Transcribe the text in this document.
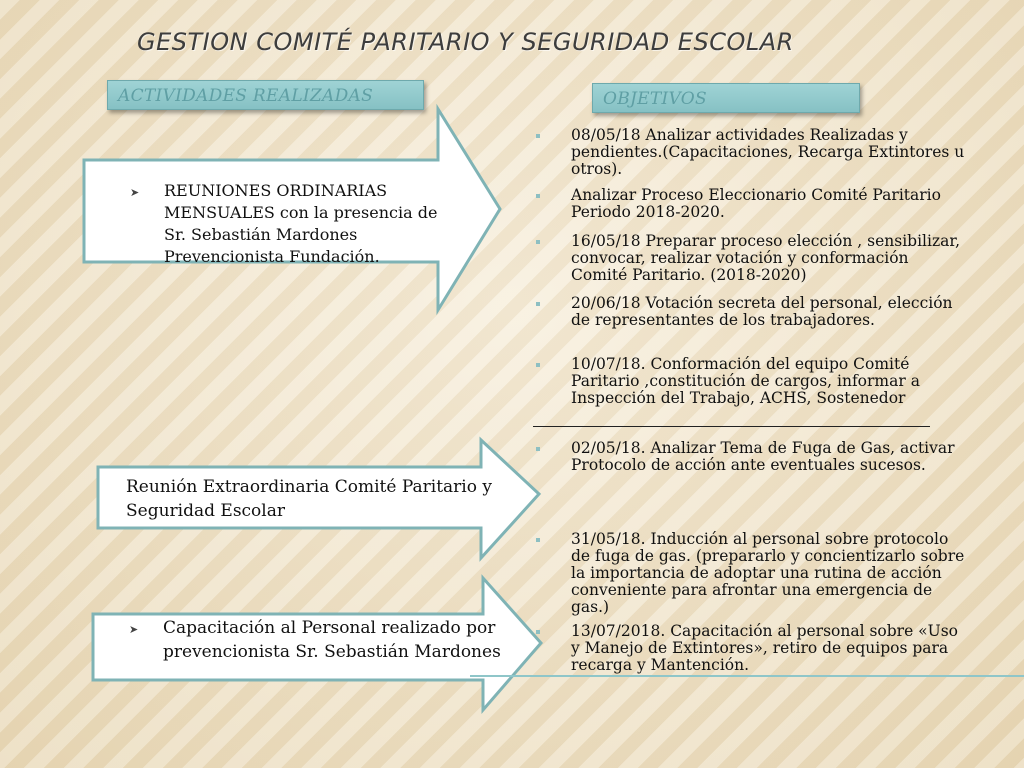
GESTION COMITÉ PARITARIO Y SEGURIDAD ESCOLAR
ACTIVIDADES REALIZADAS	OBJETIVOS
➤	REUNIONES ORDINARIAS MENSUALES con la presencia de Sr. Sebastián Mardones Prevencionista Fundación.
Reunión Extraordinaria Comité Paritario y Seguridad Escolar
➤	Capacitación al Personal realizado por prevencionista Sr. Sebastián Mardones
08/05/18 Analizar actividades Realizadas y pendientes.(Capacitaciones, Recarga Extintores u otros).
Analizar Proceso Eleccionario Comité Paritario Periodo 2018-2020.
16/05/18 Preparar proceso elección , sensibilizar, convocar, realizar votación y conformación Comité Paritario. (2018-2020)
20/06/18 Votación secreta del personal, elección de representantes de los trabajadores.
10/07/18. Conformación del equipo Comité Paritario ,constitución de cargos, informar a Inspección del Trabajo, ACHS, Sostenedor
02/05/18. Analizar Tema de Fuga de Gas, activar Protocolo de acción ante eventuales sucesos.
31/05/18. Inducción al personal sobre protocolo de fuga de gas. (prepararlo y concientizarlo sobre la importancia de adoptar una rutina de acción conveniente para afrontar una emergencia de gas.)
13/07/2018. Capacitación al personal sobre «Uso y Manejo de Extintores», retiro de equipos para recarga y Mantención.
